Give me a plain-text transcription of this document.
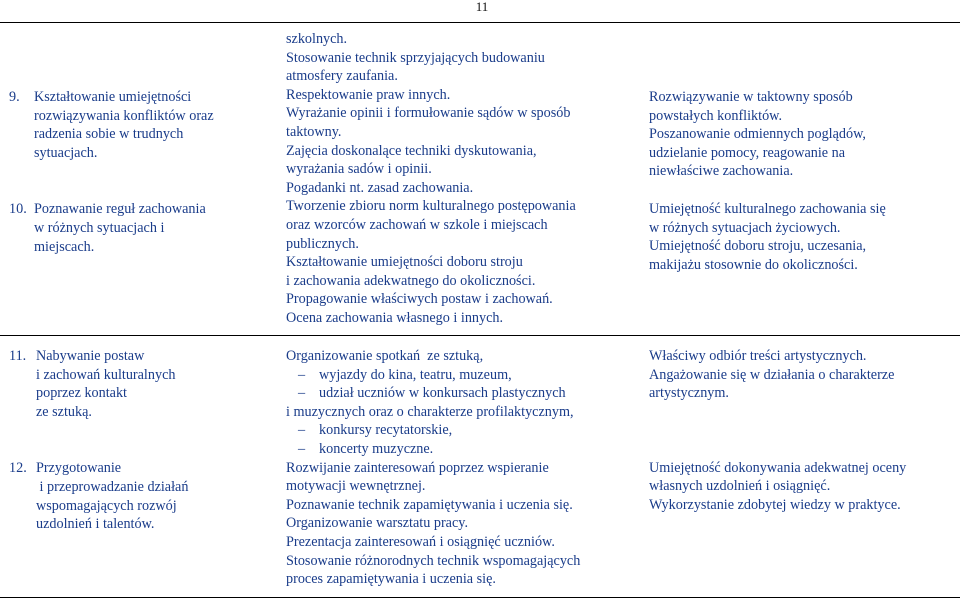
11
9.	Kształtowanie umiejętności
rozwiązywania konfliktów oraz
radzenia sobie w trudnych
sytuacjach.
10. Poznawanie reguł zachowania
w różnych sytuacjach i
miejscach.
szkolnych.
Stosowanie technik sprzyjających budowaniu
atmosfery zaufania.
Respektowanie praw innych.
Wyrażanie opinii i formułowanie sądów w sposób
taktowny.
Zajęcia doskonalące techniki dyskutowania,
wyrażania sadów i opinii.
Pogadanki nt. zasad zachowania.
Tworzenie zbioru norm kulturalnego postępowania
oraz wzorców zachowań w szkole i miejscach
publicznych.
Kształtowanie umiejętności doboru stroju
i zachowania adekwatnego do okoliczności.
Propagowanie właściwych postaw i zachowań.
Ocena zachowania własnego i innych.
Rozwiązywanie w taktowny sposób
powstałych konfliktów.
Poszanowanie odmiennych poglądów,
udzielanie pomocy, reagowanie na
niewłaściwe zachowania.
Umiejętność kulturalnego zachowania się
w różnych sytuacjach życiowych.
Umiejętność doboru stroju, uczesania,
makijażu stosownie do okoliczności.
11. Nabywanie postaw
i zachowań kulturalnych
poprzez kontakt
ze sztuką.
12. Przygotowanie
i przeprowadzanie działań
wspomagających rozwój
uzdolnień i talentów.
Organizowanie spotkań  ze sztuką,
– wyjazdy do kina, teatru, muzeum,
– udział uczniów w konkursach plastycznych
i muzycznych oraz o charakterze profilaktycznym,
– konkursy recytatorskie,
– koncerty muzyczne.
Rozwijanie zainteresowań poprzez wspieranie
motywacji wewnętrznej.
Poznawanie technik zapamiętywania i uczenia się.
Organizowanie warsztatu pracy.
Prezentacja zainteresowań i osiągnięć uczniów.
Stosowanie różnorodnych technik wspomagających
proces zapamiętywania i uczenia się.
Właściwy odbiór treści artystycznych.
Angażowanie się w działania o charakterze
artystycznym.
Umiejętność dokonywania adekwatnej oceny
własnych uzdolnień i osiągnięć.
Wykorzystanie zdobytej wiedzy w praktyce.
